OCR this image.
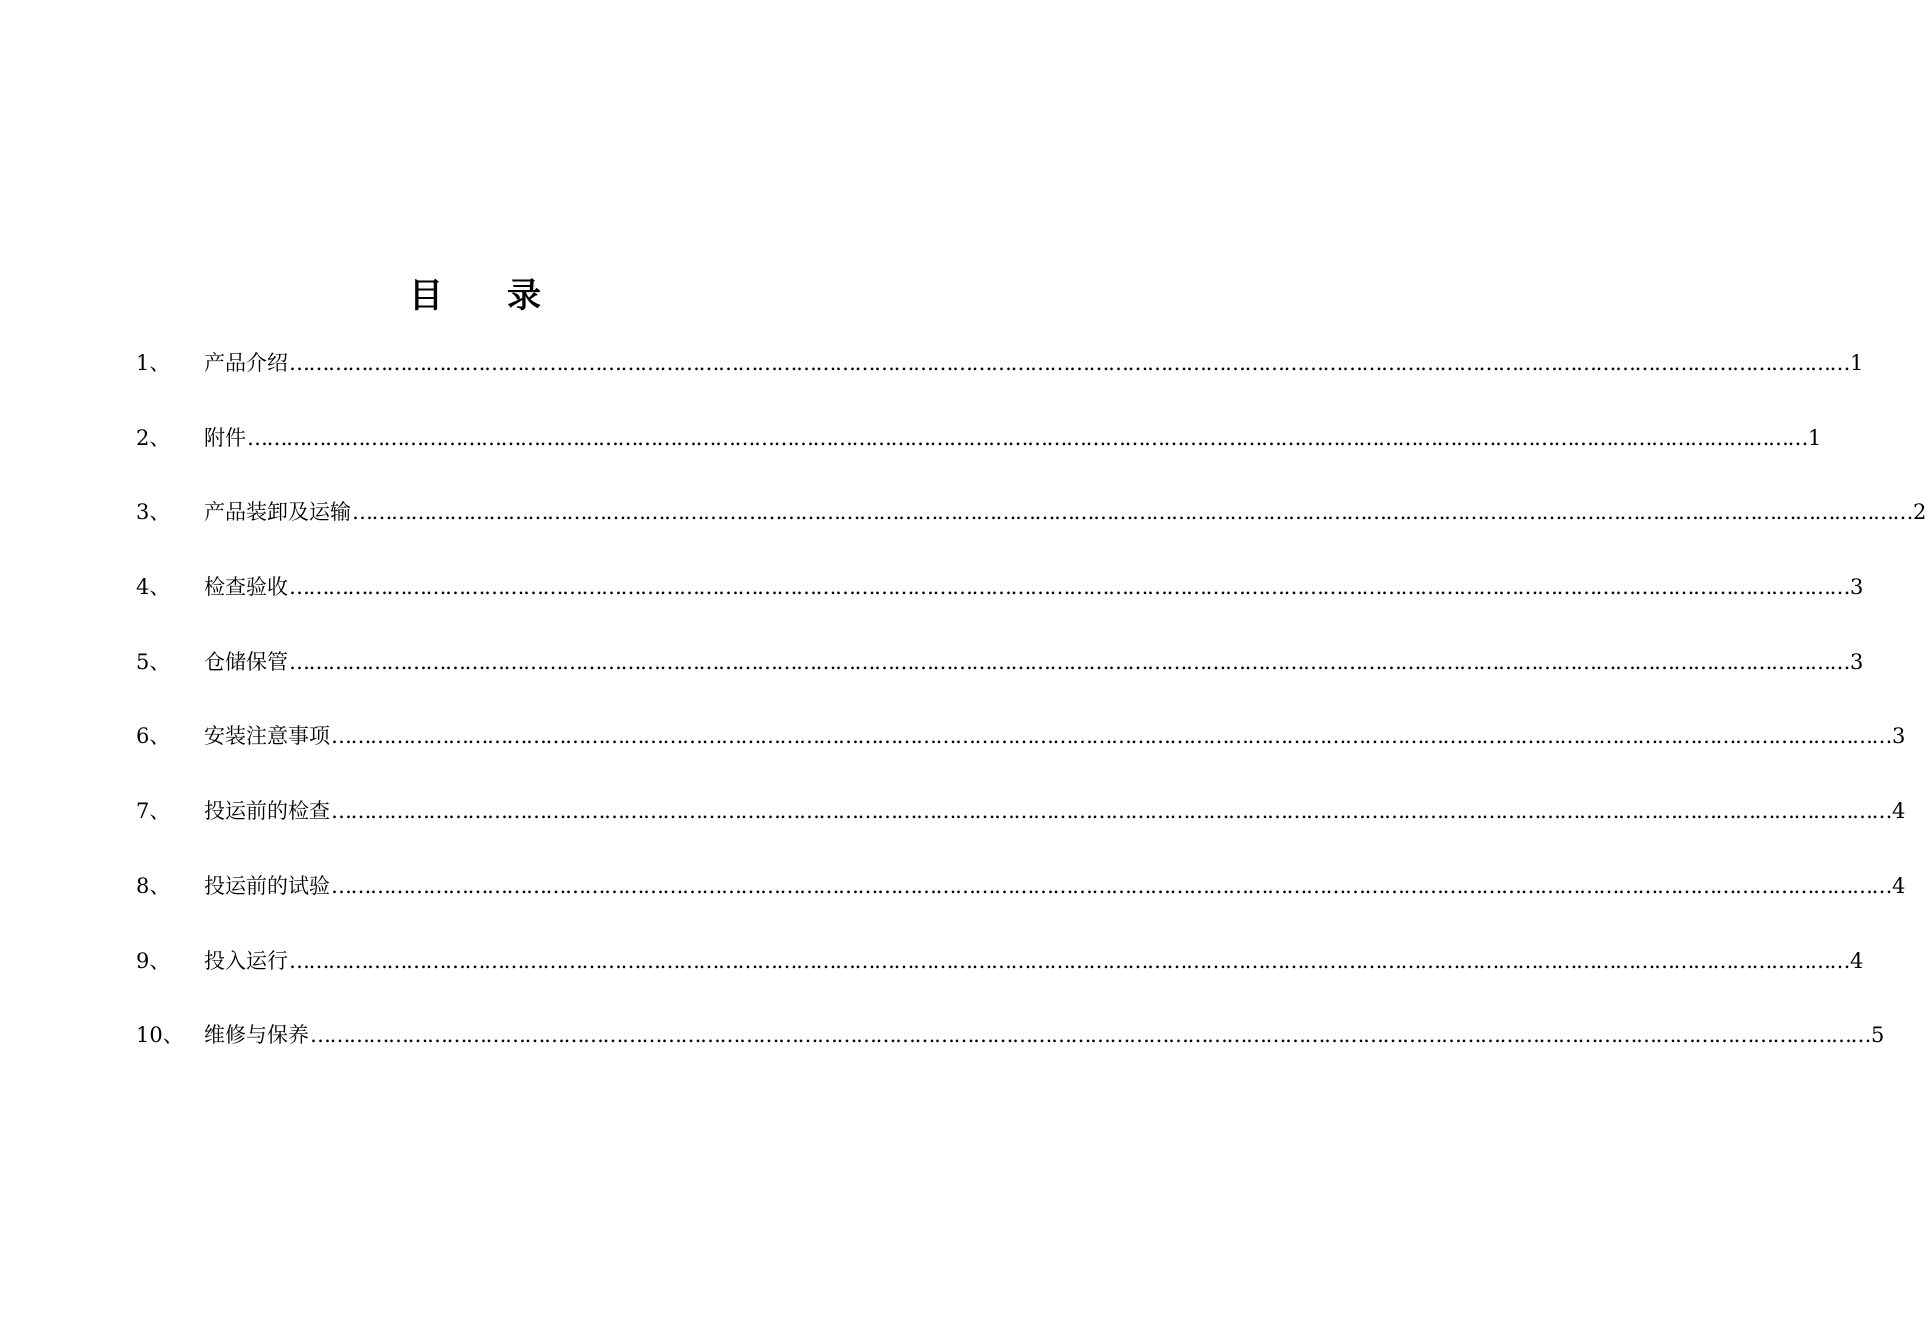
目 录
1、	产品介绍 …………………………………………………………………………………………………………………………………………………………………………………………………………………… 1
2、	附件 …………………………………………………………………………………………………………………………………………………………………………………………………………………… 1
3、	产品装卸及运输 …………………………………………………………………………………………………………………………………………………………………………………………………………………… 2
4、	检查验收 …………………………………………………………………………………………………………………………………………………………………………………………………………………… 3
5、	仓储保管 …………………………………………………………………………………………………………………………………………………………………………………………………………………… 3
6、	安装注意事项 …………………………………………………………………………………………………………………………………………………………………………………………………………………… 3
7、	投运前的检查 …………………………………………………………………………………………………………………………………………………………………………………………………………………… 4
8、	投运前的试验 …………………………………………………………………………………………………………………………………………………………………………………………………………………… 4
9、	投入运行 …………………………………………………………………………………………………………………………………………………………………………………………………………………… 4
10、 维修与保养 …………………………………………………………………………………………………………………………………………………………………………………………………………………… 5
